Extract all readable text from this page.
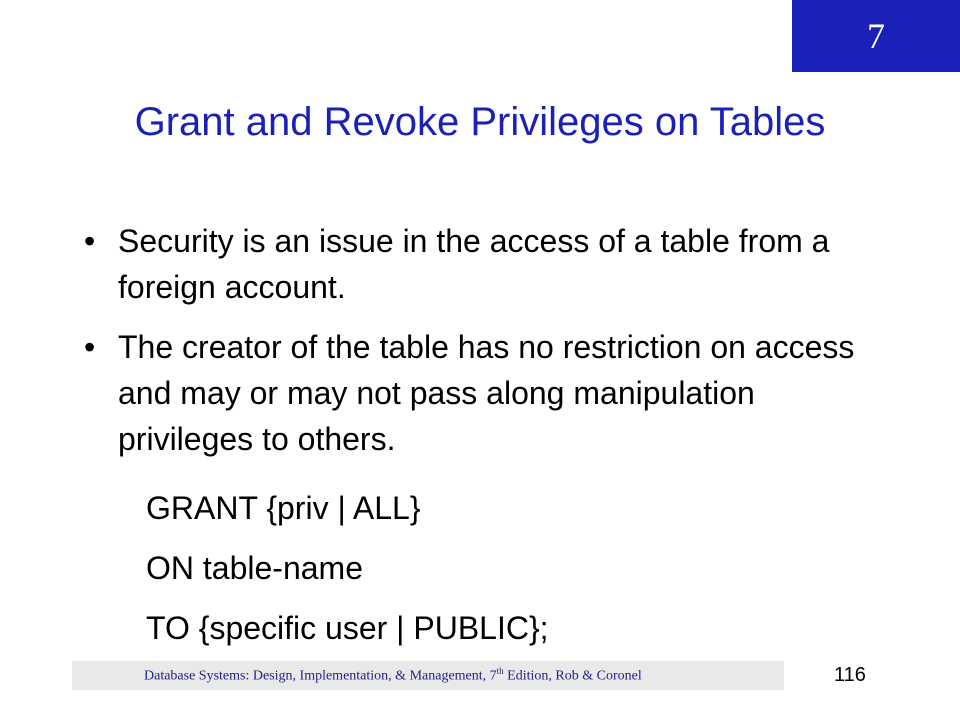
7
Grant and Revoke Privileges on Tables
• Security is an issue in the access of a table from a foreign account.
• The creator of the table has no restriction on access and may or may not pass along manipulation privileges to others.
GRANT {priv | ALL}
ON table-name
TO {specific user | PUBLIC};
Database Systems: Design, Implementation, & Management, 7th Edition, Rob & Coronel	116
